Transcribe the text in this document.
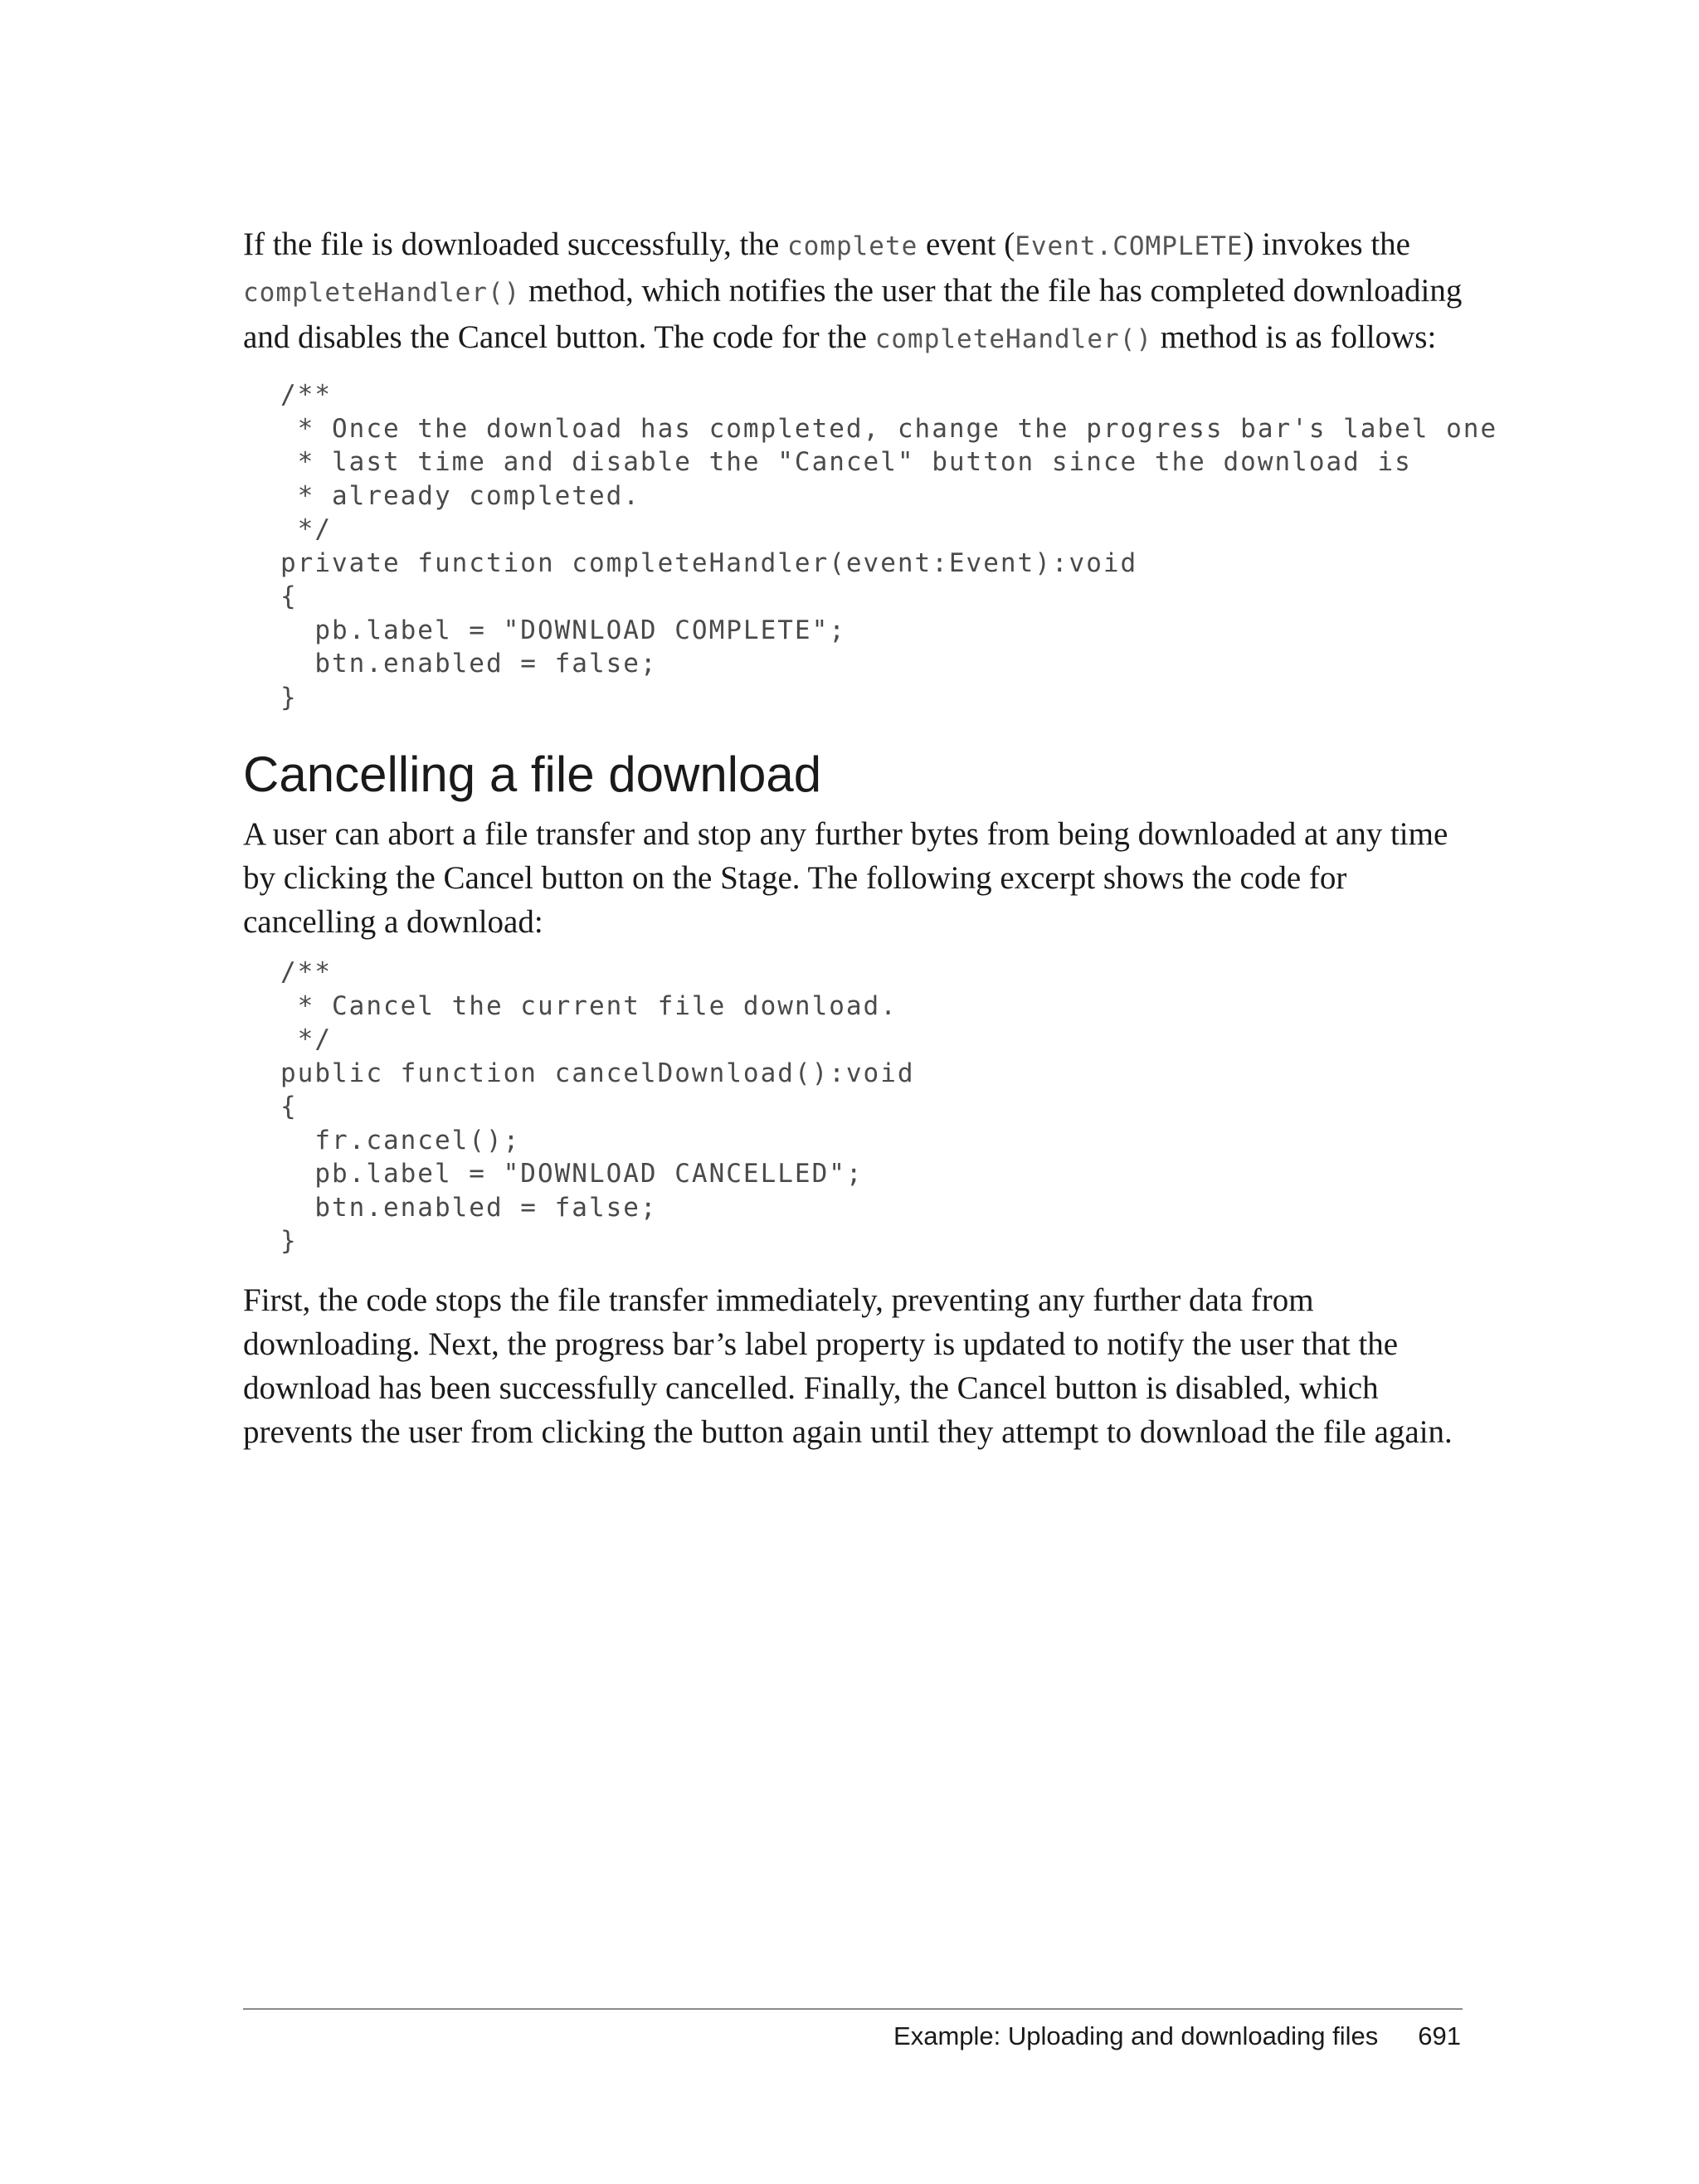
If the file is downloaded successfully, the complete event (Event.COMPLETE) invokes the completeHandler() method, which notifies the user that the file has completed downloading and disables the Cancel button. The code for the completeHandler() method is as follows:

/**
* Once the download has completed, change the progress bar's label one
* last time and disable the "Cancel" button since the download is
* already completed.
*/
private function completeHandler(event:Event):void
{
pb.label = "DOWNLOAD COMPLETE";
btn.enabled = false;
}
Cancelling a file download

A user can abort a file transfer and stop any further bytes from being downloaded at any time by clicking the Cancel button on the Stage. The following excerpt shows the code for cancelling a download:

/**
* Cancel the current file download.
*/
public function cancelDownload():void
{
fr.cancel();
pb.label = "DOWNLOAD CANCELLED";
btn.enabled = false;
}

First, the code stops the file transfer immediately, preventing any further data from downloading. Next, the progress bar’s label property is updated to notify the user that the download has been successfully cancelled. Finally, the Cancel button is disabled, which prevents the user from clicking the button again until they attempt to download the file again.

Example: Uploading and downloading files 691
